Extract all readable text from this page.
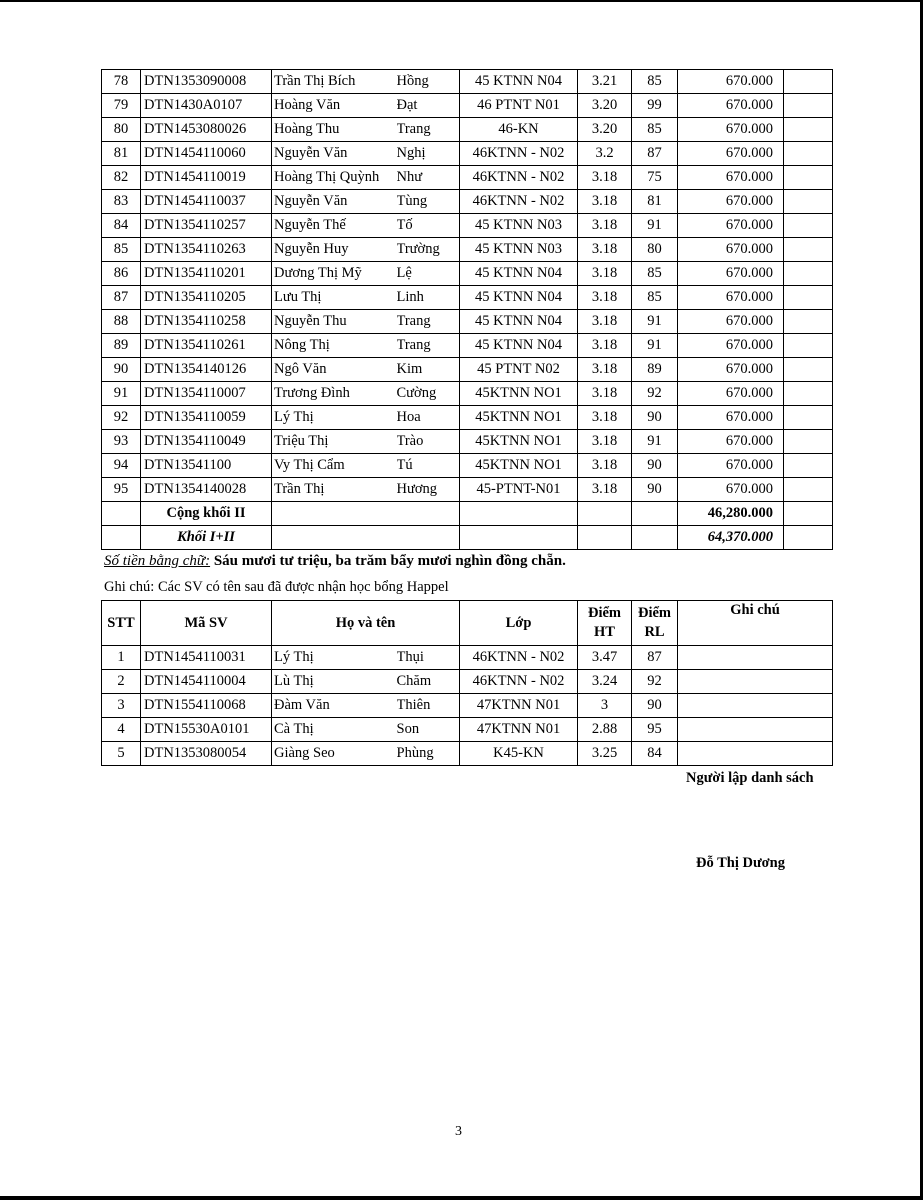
78	DTN1353090008	Trần Thị Bích	Hồng	45 KTNN N04	3.21	85	670.000	
79	DTN1430A0107	Hoàng Văn	Đạt	46 PTNT N01	3.20	99	670.000	
80	DTN1453080026	Hoàng Thu	Trang	46-KN	3.20	85	670.000	
81	DTN1454110060	Nguyễn Văn	Nghị	46KTNN - N02	3.2	87	670.000	
82	DTN1454110019	Hoàng Thị Quỳnh	Như	46KTNN - N02	3.18	75	670.000	
83	DTN1454110037	Nguyễn Văn	Tùng	46KTNN - N02	3.18	81	670.000	
84	DTN1354110257	Nguyễn Thế	Tố	45 KTNN N03	3.18	91	670.000	
85	DTN1354110263	Nguyễn Huy	Trường	45 KTNN N03	3.18	80	670.000	
86	DTN1354110201	Dương Thị Mỹ	Lệ	45 KTNN N04	3.18	85	670.000	
87	DTN1354110205	Lưu Thị	Linh	45 KTNN N04	3.18	85	670.000	
88	DTN1354110258	Nguyễn Thu	Trang	45 KTNN N04	3.18	91	670.000	
89	DTN1354110261	Nông Thị	Trang	45 KTNN N04	3.18	91	670.000	
90	DTN1354140126	Ngô Văn	Kim	45 PTNT N02	3.18	89	670.000	
91	DTN1354110007	Trương Đình	Cường	45KTNN NO1	3.18	92	670.000	
92	DTN1354110059	Lý Thị	Hoa	45KTNN NO1	3.18	90	670.000	
93	DTN1354110049	Triệu Thị	Trào	45KTNN NO1	3.18	91	670.000	
94	DTN13541100	Vy Thị Cẩm	Tú	45KTNN NO1	3.18	90	670.000	
95	DTN1354140028	Trần Thị	Hương	45-PTNT-N01	3.18	90	670.000	
	Cộng khối II						46,280.000	
	Khối I+II						64,370.000	
Số tiền bằng chữ: Sáu mươi tư triệu, ba trăm bẩy mươi nghìn đồng chẵn.
Ghi chú: Các SV có tên sau đã được nhận học bổng Happel
STT	Mã SV	Họ và tên		Lớp	Điểm HT	Điểm RL	Ghi chú
1	DTN1454110031	Lý Thị	Thụi	46KTNN - N02	3.47	87	
2	DTN1454110004	Lù Thị	Chăm	46KTNN - N02	3.24	92	
3	DTN1554110068	Đàm Văn	Thiên	47KTNN N01	3	90	
4	DTN15530A0101	Cà Thị	Son	47KTNN N01	2.88	95	
5	DTN1353080054	Giàng Seo	Phùng	K45-KN	3.25	84	
Người lập danh sách
Đỗ Thị Dương
3
